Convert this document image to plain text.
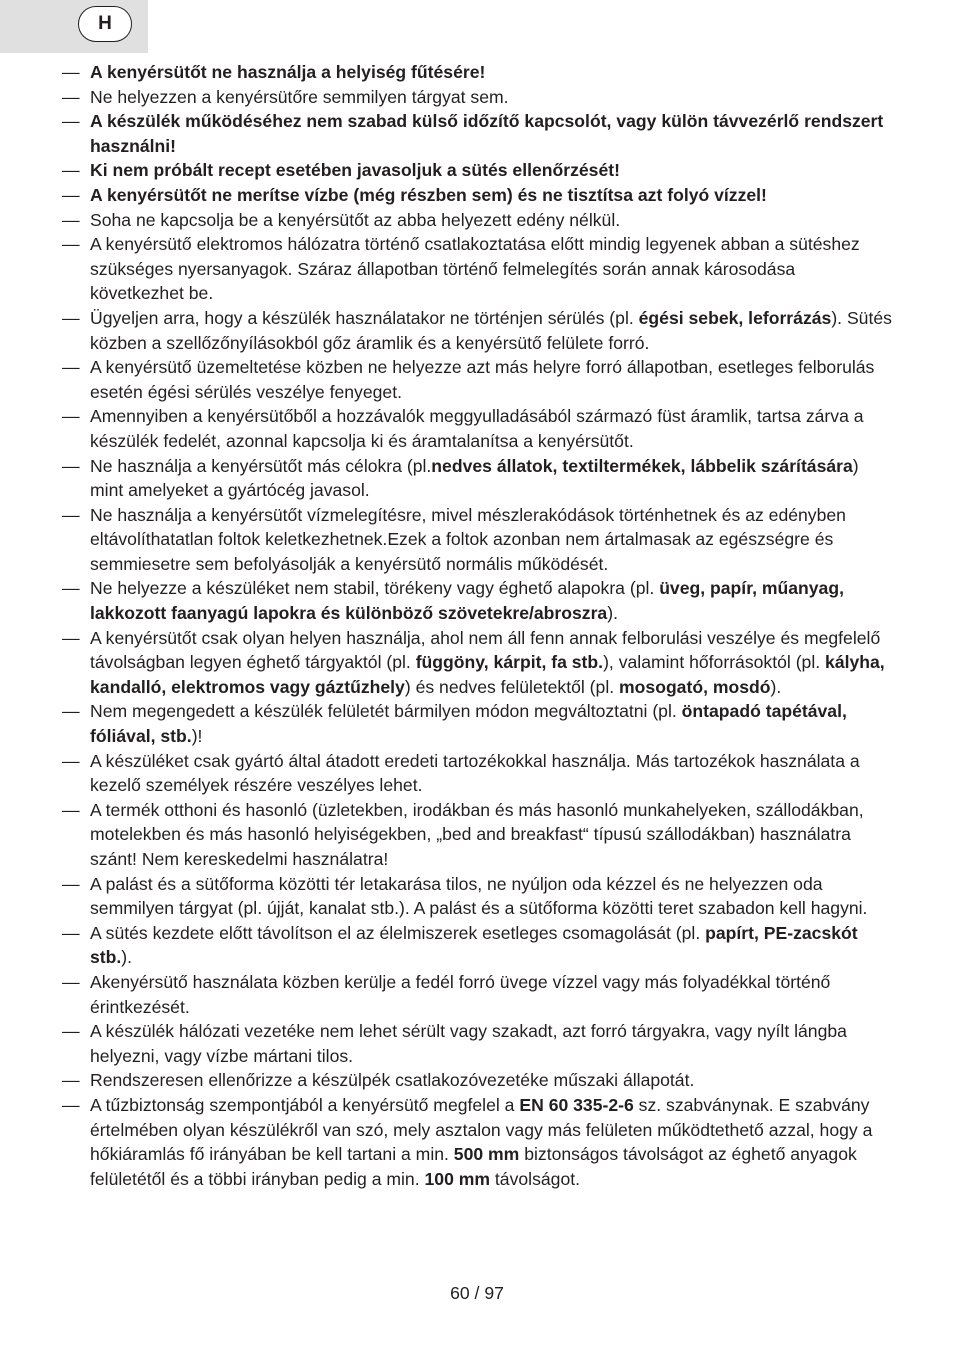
H
— A kenyérsütőt ne használja a helyiség fűtésére!
— Ne helyezzen a kenyérsütőre semmilyen tárgyat sem.
— A készülék működéséhez nem szabad külső időzítő kapcsolót, vagy külön távvezérlő rendszert használni!
— Ki nem próbált recept esetében javasoljuk a sütés ellenőrzését!
— A kenyérsütőt ne merítse vízbe (még részben sem) és ne tisztítsa azt folyó vízzel!
— Soha ne kapcsolja be a kenyérsütőt az abba helyezett edény nélkül.
— A kenyérsütő elektromos hálózatra történő csatlakoztatása előtt mindig legyenek abban a sütéshez szükséges nyersanyagok. Száraz állapotban történő felmelegítés során annak károsodása következhet be.
— Ügyeljen arra, hogy a készülék használatakor ne történjen sérülés (pl. égési sebek, leforrázás). Sütés közben a szellőzőnyílásokból gőz áramlik és a kenyérsütő felülete forró.
— A kenyérsütő üzemeltetése közben ne helyezze azt más helyre forró állapotban, esetleges felborulás esetén égési sérülés veszélye fenyeget.
— Amennyiben a kenyérsütőből a hozzávalók meggyulladásából származó füst áramlik, tartsa zárva a készülék fedelét, azonnal kapcsolja ki és áramtalanítsa a kenyérsütőt.
— Ne használja a kenyérsütőt más célokra (pl.nedves állatok, textiltermékek, lábbelik szárítására) mint amelyeket a gyártócég javasol.
— Ne használja a kenyérsütőt vízmelegítésre, mivel mészlerakódások történhetnek és az edényben eltávolíthatatlan foltok keletkezhetnek.Ezek a foltok azonban nem ártalmasak az egészségre és semmiesetre sem befolyásolják a kenyérsütő normális működését.
— Ne helyezze a készüléket nem stabil, törékeny vagy éghető alapokra (pl. üveg, papír, műanyag, lakkozott faanyagú lapokra és különböző szövetekre/abroszra).
— A kenyérsütőt csak olyan helyen használja, ahol nem áll fenn annak felborulási veszélye és megfelelő távolságban legyen éghető tárgyaktól (pl. függöny, kárpit, fa stb.), valamint hőforrásoktól (pl. kályha, kandalló, elektromos vagy gáztűzhely) és nedves felületektől (pl. mosogató, mosdó).
— Nem megengedett a készülék felületét bármilyen módon megváltoztatni (pl. öntapadó tapétával, fóliával, stb.)!
— A készüléket csak gyártó által átadott eredeti tartozékokkal használja. Más tartozékok használata a kezelő személyek részére veszélyes lehet.
— A termék otthoni és hasonló (üzletekben, irodákban és más hasonló munkahelyeken, szállodákban, motelekben és más hasonló helyiségekben, „bed and breakfast“ típusú szállodákban) használatra szánt! Nem kereskedelmi használatra!
— A palást és a sütőforma közötti tér letakarása tilos, ne nyúljon oda kézzel és ne helyezzen oda semmilyen tárgyat (pl. újját, kanalat stb.). A palást és a sütőforma közötti teret szabadon kell hagyni.
— A sütés kezdete előtt távolítson el az élelmiszerek esetleges csomagolását (pl. papírt, PE-zacskót stb.).
— Akenyérsütő használata közben kerülje a fedél forró üvege vízzel vagy más folyadékkal történő érintkezését.
— A készülék hálózati vezetéke nem lehet sérült vagy szakadt, azt forró tárgyakra, vagy nyílt lángba helyezni, vagy vízbe mártani tilos.
— Rendszeresen ellenőrizze a készülpék csatlakozóvezetéke műszaki állapotát.
— A tűzbiztonság szempontjából a kenyérsütő megfelel a EN 60 335-2-6 sz. szabványnak. E szabvány értelmében olyan készülékről van szó, mely asztalon vagy más felületen működtethető azzal, hogy a hőkiáramlás fő irányában be kell tartani a min. 500 mm biztonságos távolságot az éghető anyagok felületétől és a többi irányban pedig a min. 100 mm távolságot.
60 / 97
